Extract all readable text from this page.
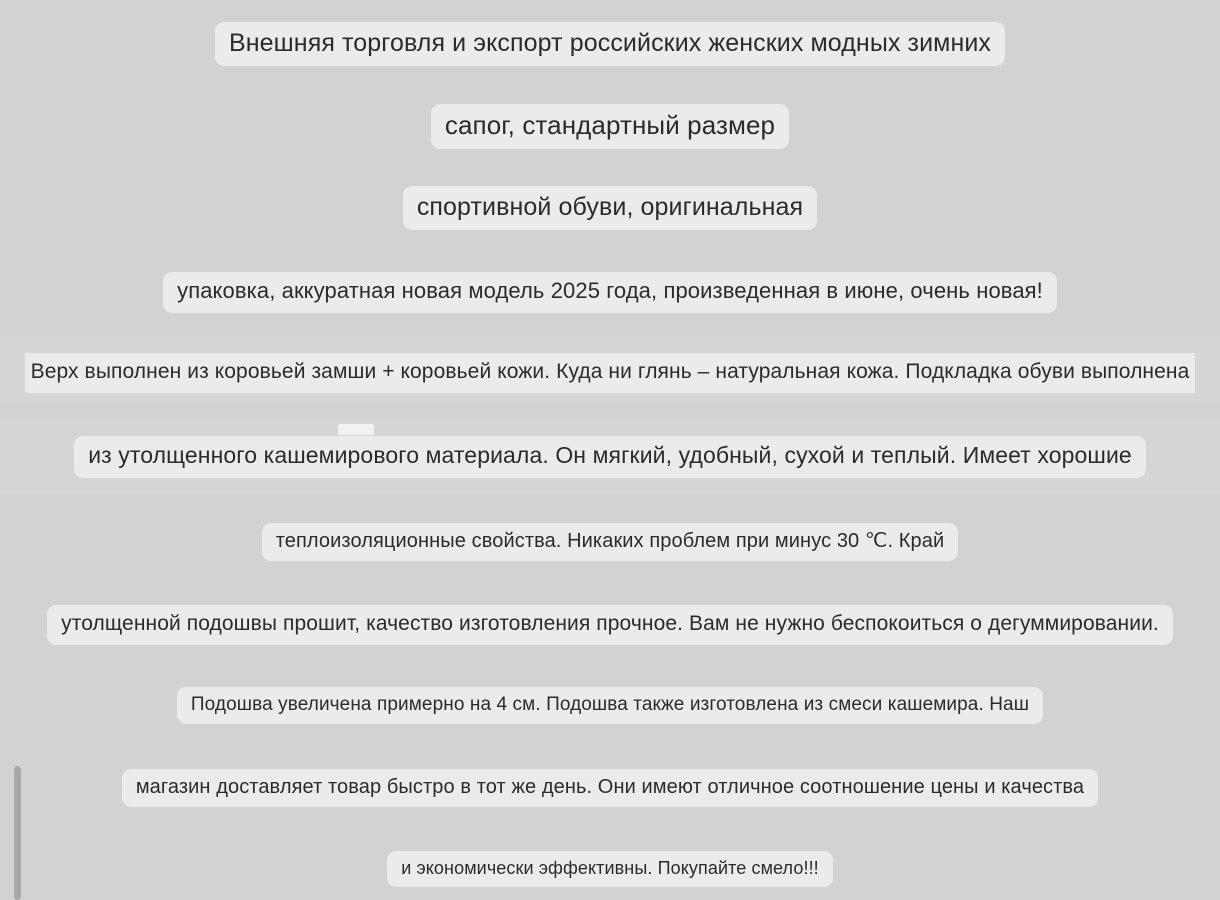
Внешняя торговля и экспорт российских женских модных зимних
сапог, стандартный размер
спортивной обуви, оригинальная
упаковка, аккуратная новая модель 2025 года, произведенная в июне, очень новая!
Верх выполнен из коровьей замши + коровьей кожи. Куда ни глянь – натуральная кожа. Подкладка обуви выполнена
из утолщенного кашемирового материала. Он мягкий, удобный, сухой и теплый. Имеет хорошие
теплоизоляционные свойства. Никаких проблем при минус 30 ℃. Край
утолщенной подошвы прошит, качество изготовления прочное. Вам не нужно беспокоиться о дегуммировании.
Подошва увеличена примерно на 4 см. Подошва также изготовлена из смеси кашемира. Наш
магазин доставляет товар быстро в тот же день. Они имеют отличное соотношение цены и качества
и экономически эффективны. Покупайте смело!!!
